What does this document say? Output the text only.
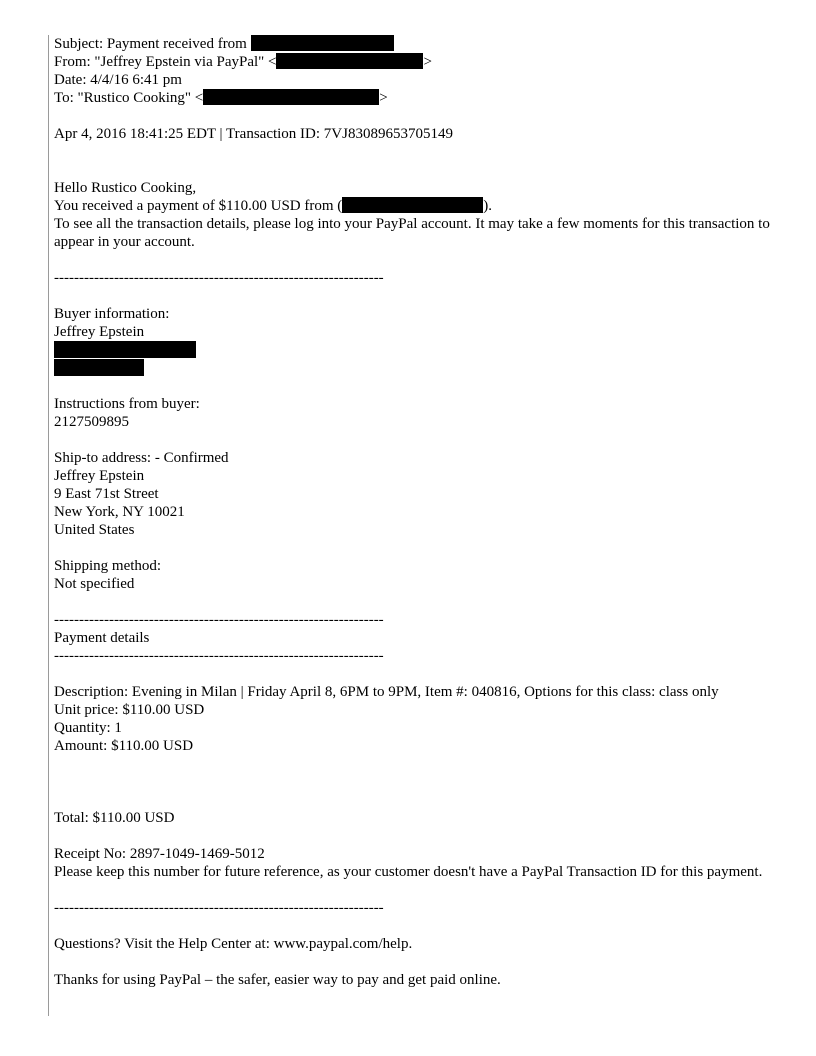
Subject: Payment received from
From: "Jeffrey Epstein via PayPal" <	>
Date: 4/4/16 6:41 pm
To: "Rustico Cooking" <	>
Apr 4, 2016 18:41:25 EDT | Transaction ID: 7VJ83089653705149
Hello Rustico Cooking,
You received a payment of $110.00 USD from (	).
To see all the transaction details, please log into your PayPal account. It may take a few moments for this transaction to appear in your account.
------------------------------------------------------------------
Buyer information:
Jeffrey Epstein
Instructions from buyer:
2127509895
Ship-to address: - Confirmed
Jeffrey Epstein
9 East 71st Street
New York, NY 10021
United States
Shipping method:
Not specified
------------------------------------------------------------------
Payment details
------------------------------------------------------------------
Description: Evening in Milan | Friday April 8, 6PM to 9PM, Item #: 040816, Options for this class: class only
Unit price: $110.00 USD
Quantity: 1
Amount: $110.00 USD
Total: $110.00 USD
Receipt No: 2897-1049-1469-5012
Please keep this number for future reference, as your customer doesn't have a PayPal Transaction ID for this payment.
------------------------------------------------------------------
Questions? Visit the Help Center at: www.paypal.com/help.
Thanks for using PayPal – the safer, easier way to pay and get paid online.
